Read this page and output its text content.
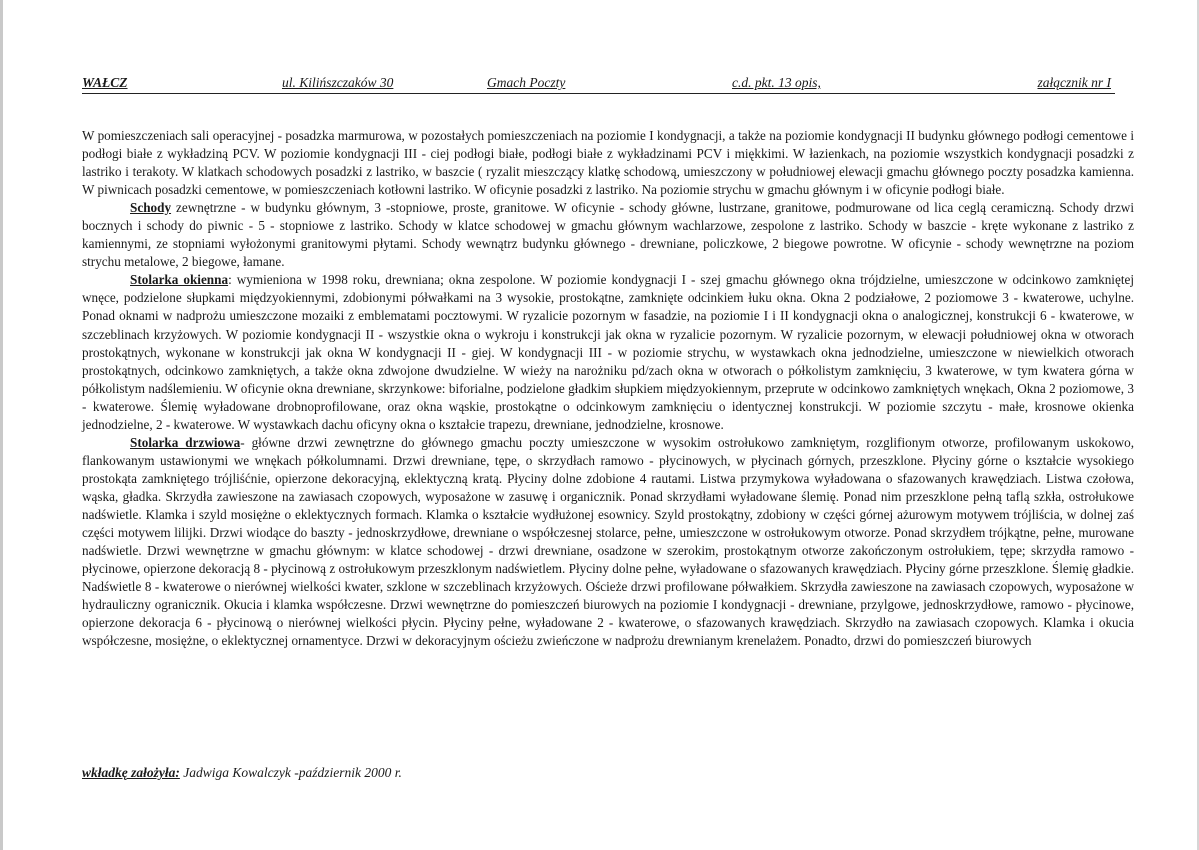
WAŁCZ	ul. Kilińszczaków 30	Gmach Poczty	c.d. pkt. 13 opis,	załącznik nr I

W pomieszczeniach sali operacyjnej - posadzka marmurowa, w pozostałych pomieszczeniach na poziomie I kondygnacji, a także na poziomie kondygnacji II budynku głównego podłogi cementowe i podłogi białe z wykładziną PCV. W poziomie kondygnacji III - ciej podłogi białe, podłogi białe z wykładzinami PCV i miękkimi. W łazienkach, na poziomie wszystkich kondygnacji posadzki z lastriko i terakoty. W klatkach schodowych posadzki z lastriko, w baszcie ( ryzalit mieszczący klatkę schodową, umieszczony w południowej elewacji gmachu głównego poczty posadzka kamienna. W piwnicach posadzki cementowe, w pomieszczeniach kotłowni lastriko. W oficynie posadzki z lastriko. Na poziomie strychu w gmachu głównym i w oficynie podłogi białe.

Schody zewnętrzne - w budynku głównym, 3 -stopniowe, proste, granitowe. W oficynie - schody główne, lustrzane, granitowe, podmurowane od lica ceglą ceramiczną. Schody drzwi bocznych i schody do piwnic - 5 - stopniowe z lastriko. Schody w klatce schodowej w gmachu głównym wachlarzowe, zespolone z lastriko. Schody w baszcie - kręte wykonane z lastriko z kamiennymi, ze stopniami wyłożonymi granitowymi płytami. Schody wewnątrz budynku głównego - drewniane, policzkowe, 2 biegowe powrotne. W oficynie - schody wewnętrzne na poziom strychu metalowe, 2 biegowe, łamane.

Stolarka okienna: wymieniona w 1998 roku, drewniana; okna zespolone. W poziomie kondygnacji I - szej gmachu głównego okna trójdzielne, umieszczone w odcinkowo zamkniętej wnęce, podzielone słupkami międzyokiennymi, zdobionymi półwałkami na 3 wysokie, prostokątne, zamknięte odcinkiem łuku okna. Okna 2 podziałowe, 2 poziomowe 3 - kwaterowe, uchylne. Ponad oknami w nadprożu umieszczone mozaiki z emblematami pocztowymi. W ryzalicie pozornym w fasadzie, na poziomie I i II kondygnacji okna o analogicznej, konstrukcji 6 - kwaterowe, w szczeblinach krzyżowych. W poziomie kondygnacji II - wszystkie okna o wykroju i konstrukcji jak okna w ryzalicie pozornym. W ryzalicie pozornym, w elewacji południowej okna w otworach prostokątnych, wykonane w konstrukcji jak okna W kondygnacji II - giej. W kondygnacji III - w poziomie strychu, w wystawkach okna jednodzielne, umieszczone w niewielkich otworach prostokątnych, odcinkowo zamkniętych, a także okna zdwojone dwudzielne. W wieży na narożniku pd/zach okna w otworach o półkolistym zamknięciu, 3 kwaterowe, w tym kwatera górna w półkolistym nadślemieniu. W oficynie okna drewniane, skrzynkowe: biforialne, podzielone gładkim słupkiem międzyokiennym, przeprute w odcinkowo zamkniętych wnękach, Okna 2 poziomowe, 3 - kwaterowe. Ślemię wyładowane drobnoprofilowane, oraz okna wąskie, prostokątne o odcinkowym zamknięciu o identycznej konstrukcji. W poziomie szczytu - małe, krosnowe okienka jednodzielne, 2 - kwaterowe. W wystawkach dachu oficyny okna o kształcie trapezu, drewniane, jednodzielne, krosnowe.

Stolarka drzwiowa- główne drzwi zewnętrzne do głównego gmachu poczty umieszczone w wysokim ostrołukowo zamkniętym, rozglifionym otworze, profilowanym uskokowo, flankowanym ustawionymi we wnękach półkolumnami. Drzwi drewniane, tępe, o skrzydłach ramowo - płycinowych, w płycinach górnych, przeszklone. Płyciny górne o kształcie wysokiego prostokąta zamkniętego trójliśćnie, opierzone dekoracyjną, eklektyczną kratą. Płyciny dolne zdobione 4 rautami. Listwa przymykowa wyładowana o sfazowanych krawędziach. Listwa czołowa, wąska, gładka. Skrzydła zawieszone na zawiasach czopowych, wyposażone w zasuwę i organicznik. Ponad skrzydłami wyładowane ślemię. Ponad nim przeszklone pełną taflą szkła, ostrołukowe nadświetle. Klamka i szyld mosiężne o eklektycznych formach. Klamka o kształcie wydłużonej esownicy. Szyld prostokątny, zdobiony w części górnej ażurowym motywem trójliścia, w dolnej zaś części motywem lilijki. Drzwi wiodące do baszty - jednoskrzydłowe, drewniane o współczesnej stolarce, pełne, umieszczone w ostrołukowym otworze. Ponad skrzydłem trójkątne, pełne, murowane nadświetle. Drzwi wewnętrzne w gmachu głównym: w klatce schodowej - drzwi drewniane, osadzone w szerokim, prostokątnym otworze zakończonym ostrołukiem, tępe; skrzydła ramowo - płycinowe, opierzone dekoracją 8 - płycinową z ostrołukowym przeszklonym nadświetlem. Płyciny dolne pełne, wyładowane o sfazowanych krawędziach. Płyciny górne przeszklone. Ślemię gładkie. Nadświetle 8 - kwaterowe o nierównej wielkości kwater, szklone w szczeblinach krzyżowych. Ościeże drzwi profilowane półwałkiem. Skrzydła zawieszone na zawiasach czopowych, wyposażone w hydrauliczny ogranicznik. Okucia i klamka współczesne. Drzwi wewnętrzne do pomieszczeń biurowych na poziomie I kondygnacji - drewniane, przylgowe, jednoskrzydłowe, ramowo - płycinowe, opierzone dekoracja 6 - płycinową o nierównej wielkości płycin. Płyciny pełne, wyładowane 2 - kwaterowe, o sfazowanych krawędziach. Skrzydło na zawiasach czopowych. Klamka i okucia współczesne, mosiężne, o eklektycznej ornamentyce. Drzwi w dekoracyjnym ościeżu zwieńczone w nadprożu drewnianym krenelażem. Ponadto, drzwi do pomieszczeń biurowych

wkładkę założyła: Jadwiga Kowalczyk -październik 2000 r.
